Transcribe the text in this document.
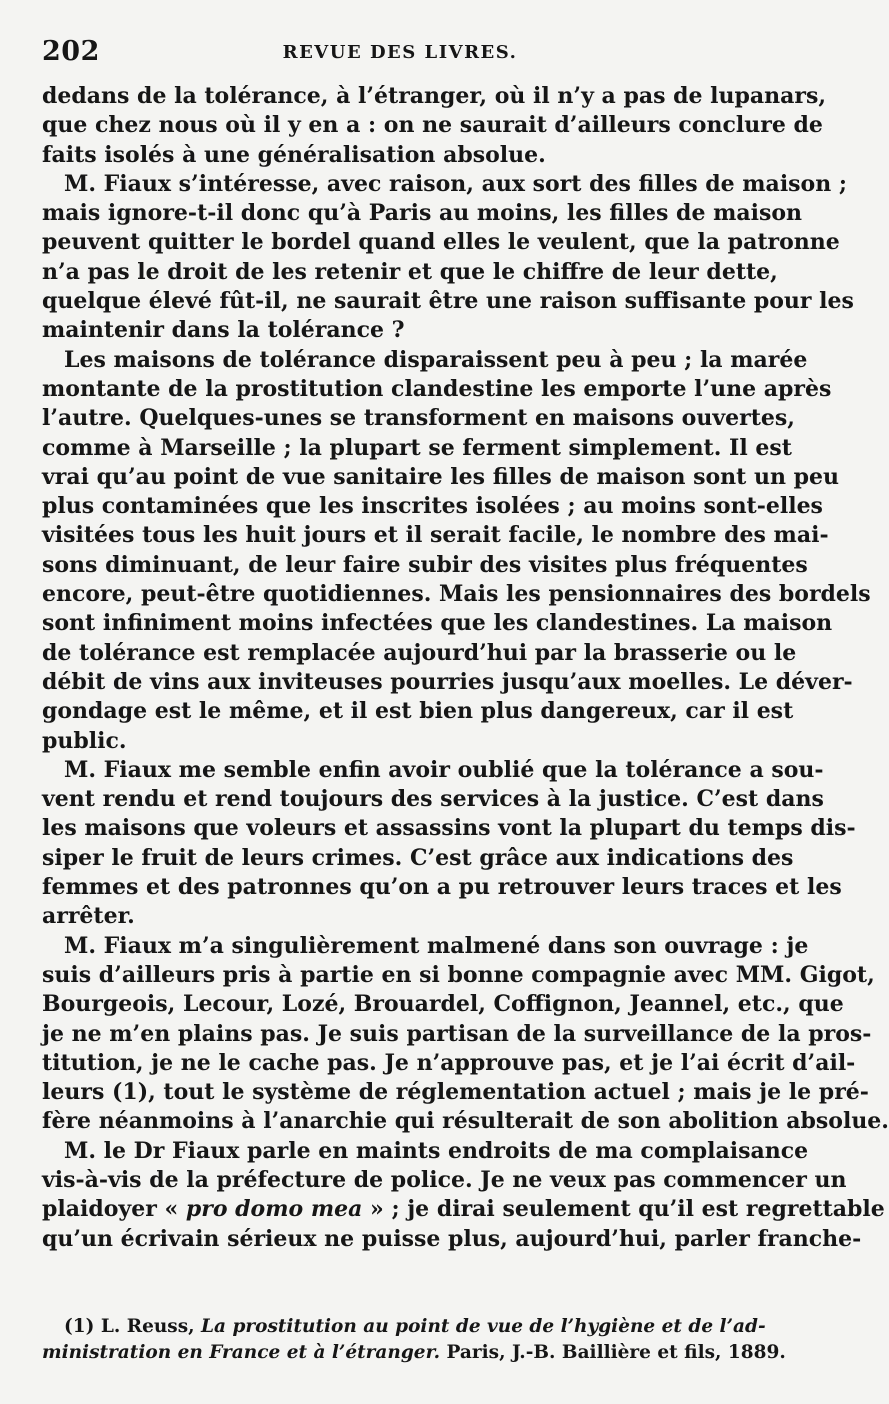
202	REVUE DES LIVRES.
dedans de la tolérance, à l’étranger, où il n’y a pas de lupanars,
que chez nous où il y en a : on ne saurait d’ailleurs conclure de
faits isolés à une généralisation absolue.
M. Fiaux s’intéresse, avec raison, aux sort des filles de maison ;
mais ignore-t-il donc qu’à Paris au moins, les filles de maison
peuvent quitter le bordel quand elles le veulent, que la patronne
n’a pas le droit de les retenir et que le chiffre de leur dette,
quelque élevé fût-il, ne saurait être une raison suffisante pour les
maintenir dans la tolérance ?
Les maisons de tolérance disparaissent peu à peu ; la marée
montante de la prostitution clandestine les emporte l’une après
l’autre. Quelques-unes se transforment en maisons ouvertes,
comme à Marseille ; la plupart se ferment simplement. Il est
vrai qu’au point de vue sanitaire les filles de maison sont un peu
plus contaminées que les inscrites isolées ; au moins sont-elles
visitées tous les huit jours et il serait facile, le nombre des mai-
sons diminuant, de leur faire subir des visites plus fréquentes
encore, peut-être quotidiennes. Mais les pensionnaires des bordels
sont infiniment moins infectées que les clandestines. La maison
de tolérance est remplacée aujourd’hui par la brasserie ou le
débit de vins aux inviteuses pourries jusqu’aux moelles. Le déver-
gondage est le même, et il est bien plus dangereux, car il est
public.
M. Fiaux me semble enfin avoir oublié que la tolérance a sou-
vent rendu et rend toujours des services à la justice. C’est dans
les maisons que voleurs et assassins vont la plupart du temps dis-
siper le fruit de leurs crimes. C’est grâce aux indications des
femmes et des patronnes qu’on a pu retrouver leurs traces et les
arrêter.
M. Fiaux m’a singulièrement malmené dans son ouvrage : je
suis d’ailleurs pris à partie en si bonne compagnie avec MM. Gigot,
Bourgeois, Lecour, Lozé, Brouardel, Coffignon, Jeannel, etc., que
je ne m’en plains pas. Je suis partisan de la surveillance de la pros-
titution, je ne le cache pas. Je n’approuve pas, et je l’ai écrit d’ail-
leurs (1), tout le système de réglementation actuel ; mais je le pré-
fère néanmoins à l’anarchie qui résulterait de son abolition absolue.
M. le Dr Fiaux parle en maints endroits de ma complaisance
vis-à-vis de la préfecture de police. Je ne veux pas commencer un
plaidoyer « pro domo mea » ; je dirai seulement qu’il est regrettable
qu’un écrivain sérieux ne puisse plus, aujourd’hui, parler franche-
(1) L. Reuss, La prostitution au point de vue de l’hygiène et de l’ad-
ministration en France et à l’étranger. Paris, J.-B. Baillière et fils, 1889.
